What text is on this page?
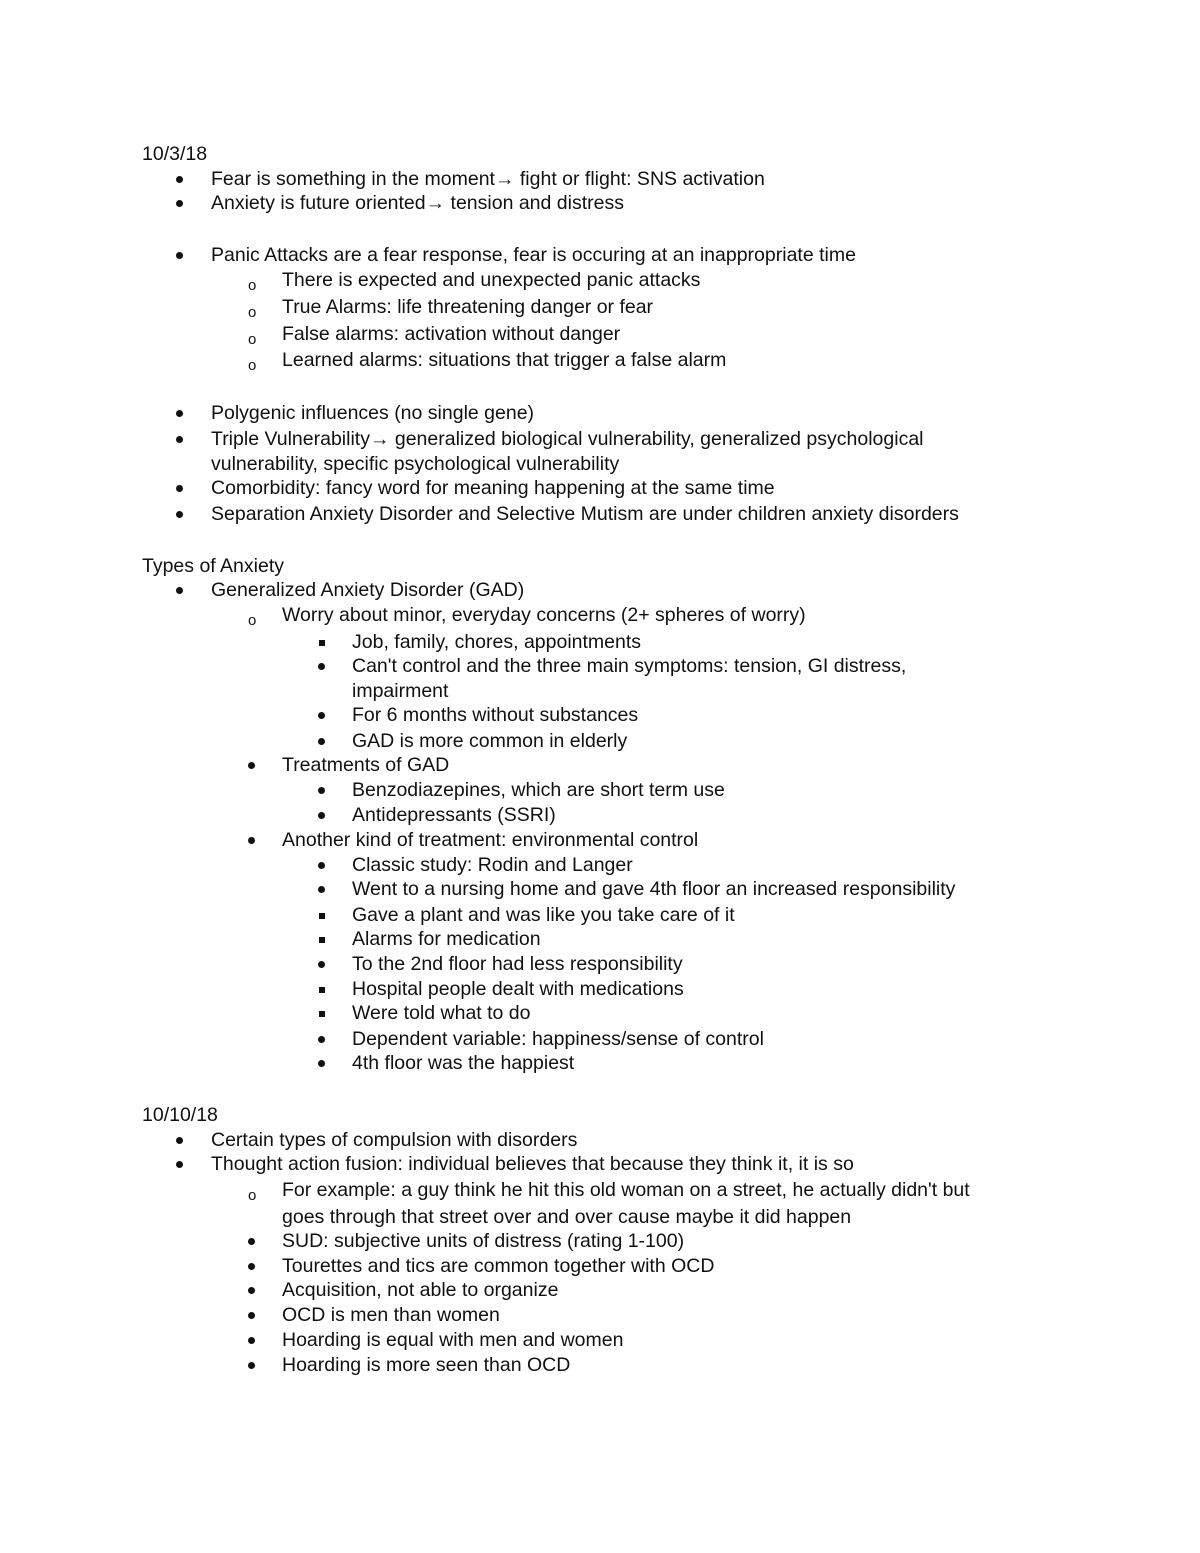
10/3/18
Fear is something in the moment→ fight or flight: SNS activation
Anxiety is future oriented→ tension and distress
Panic Attacks are a fear response, fear is occuring at an inappropriate time
o There is expected and unexpected panic attacks
o True Alarms: life threatening danger or fear
o False alarms: activation without danger
o Learned alarms: situations that trigger a false alarm
Polygenic influences (no single gene)
Triple Vulnerability→ generalized biological vulnerability, generalized psychological
vulnerability, specific psychological vulnerability
Comorbidity: fancy word for meaning happening at the same time
Separation Anxiety Disorder and Selective Mutism are under children anxiety disorders
Types of Anxiety
Generalized Anxiety Disorder (GAD)
o Worry about minor, everyday concerns (2+ spheres of worry)
Job, family, chores, appointments
Can't control and the three main symptoms: tension, GI distress,
impairment
For 6 months without substances
GAD is more common in elderly
Treatments of GAD
Benzodiazepines, which are short term use
Antidepressants (SSRI)
Another kind of treatment: environmental control
Classic study: Rodin and Langer
Went to a nursing home and gave 4th floor an increased responsibility
Gave a plant and was like you take care of it
Alarms for medication
To the 2nd floor had less responsibility
Hospital people dealt with medications
Were told what to do
Dependent variable: happiness/sense of control
4th floor was the happiest
10/10/18
Certain types of compulsion with disorders
Thought action fusion: individual believes that because they think it, it is so
o For example: a guy think he hit this old woman on a street, he actually didn't but
goes through that street over and over cause maybe it did happen
SUD: subjective units of distress (rating 1-100)
Tourettes and tics are common together with OCD
Acquisition, not able to organize
OCD is men than women
Hoarding is equal with men and women
Hoarding is more seen than OCD
